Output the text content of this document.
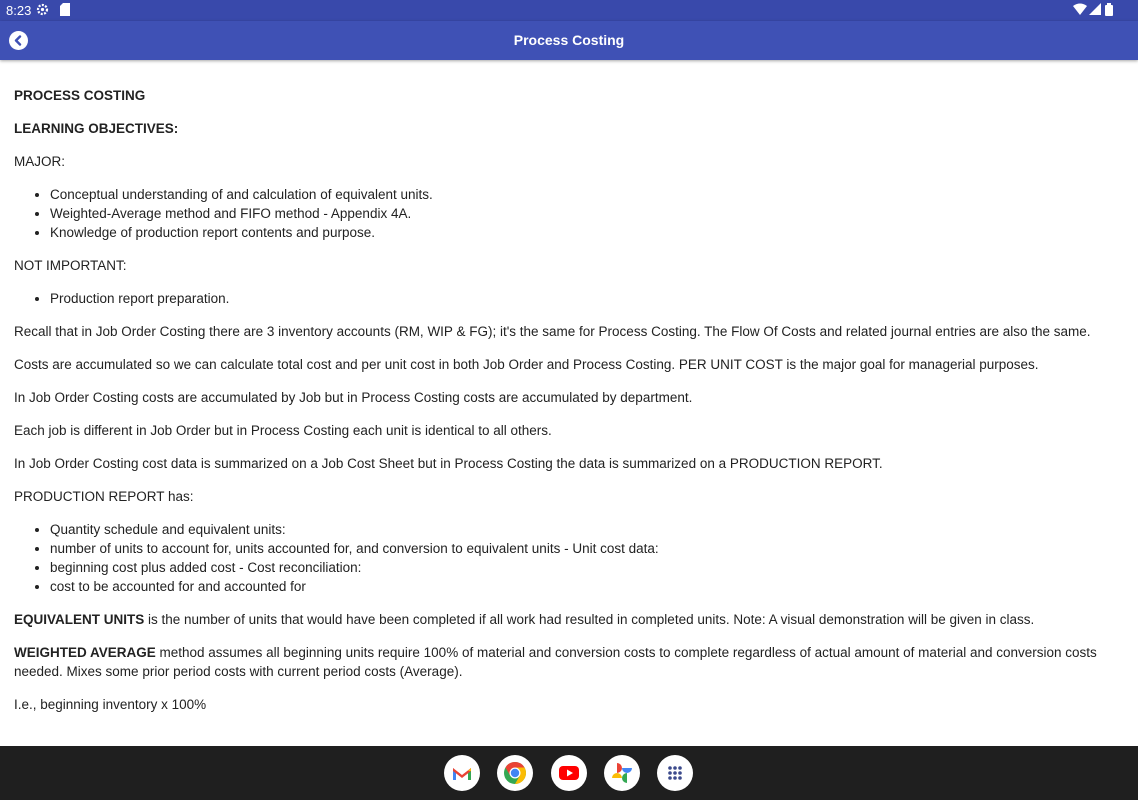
8:23
Process Costing

PROCESS COSTING

LEARNING OBJECTIVES:

MAJOR:

• Conceptual understanding of and calculation of equivalent units.
• Weighted-Average method and FIFO method - Appendix 4A.
• Knowledge of production report contents and purpose.

NOT IMPORTANT:

• Production report preparation.

Recall that in Job Order Costing there are 3 inventory accounts (RM, WIP & FG); it's the same for Process Costing. The Flow Of Costs and related journal entries are also the same.

Costs are accumulated so we can calculate total cost and per unit cost in both Job Order and Process Costing. PER UNIT COST is the major goal for managerial purposes.

In Job Order Costing costs are accumulated by Job but in Process Costing costs are accumulated by department.

Each job is different in Job Order but in Process Costing each unit is identical to all others.

In Job Order Costing cost data is summarized on a Job Cost Sheet but in Process Costing the data is summarized on a PRODUCTION REPORT.

PRODUCTION REPORT has:

• Quantity schedule and equivalent units:
• number of units to account for, units accounted for, and conversion to equivalent units - Unit cost data:
• beginning cost plus added cost - Cost reconciliation:
• cost to be accounted for and accounted for

EQUIVALENT UNITS is the number of units that would have been completed if all work had resulted in completed units. Note: A visual demonstration will be given in class.

WEIGHTED AVERAGE method assumes all beginning units require 100% of material and conversion costs to complete regardless of actual amount of material and conversion costs needed. Mixes some prior period costs with current period costs (Average).

I.e., beginning inventory x 100%
